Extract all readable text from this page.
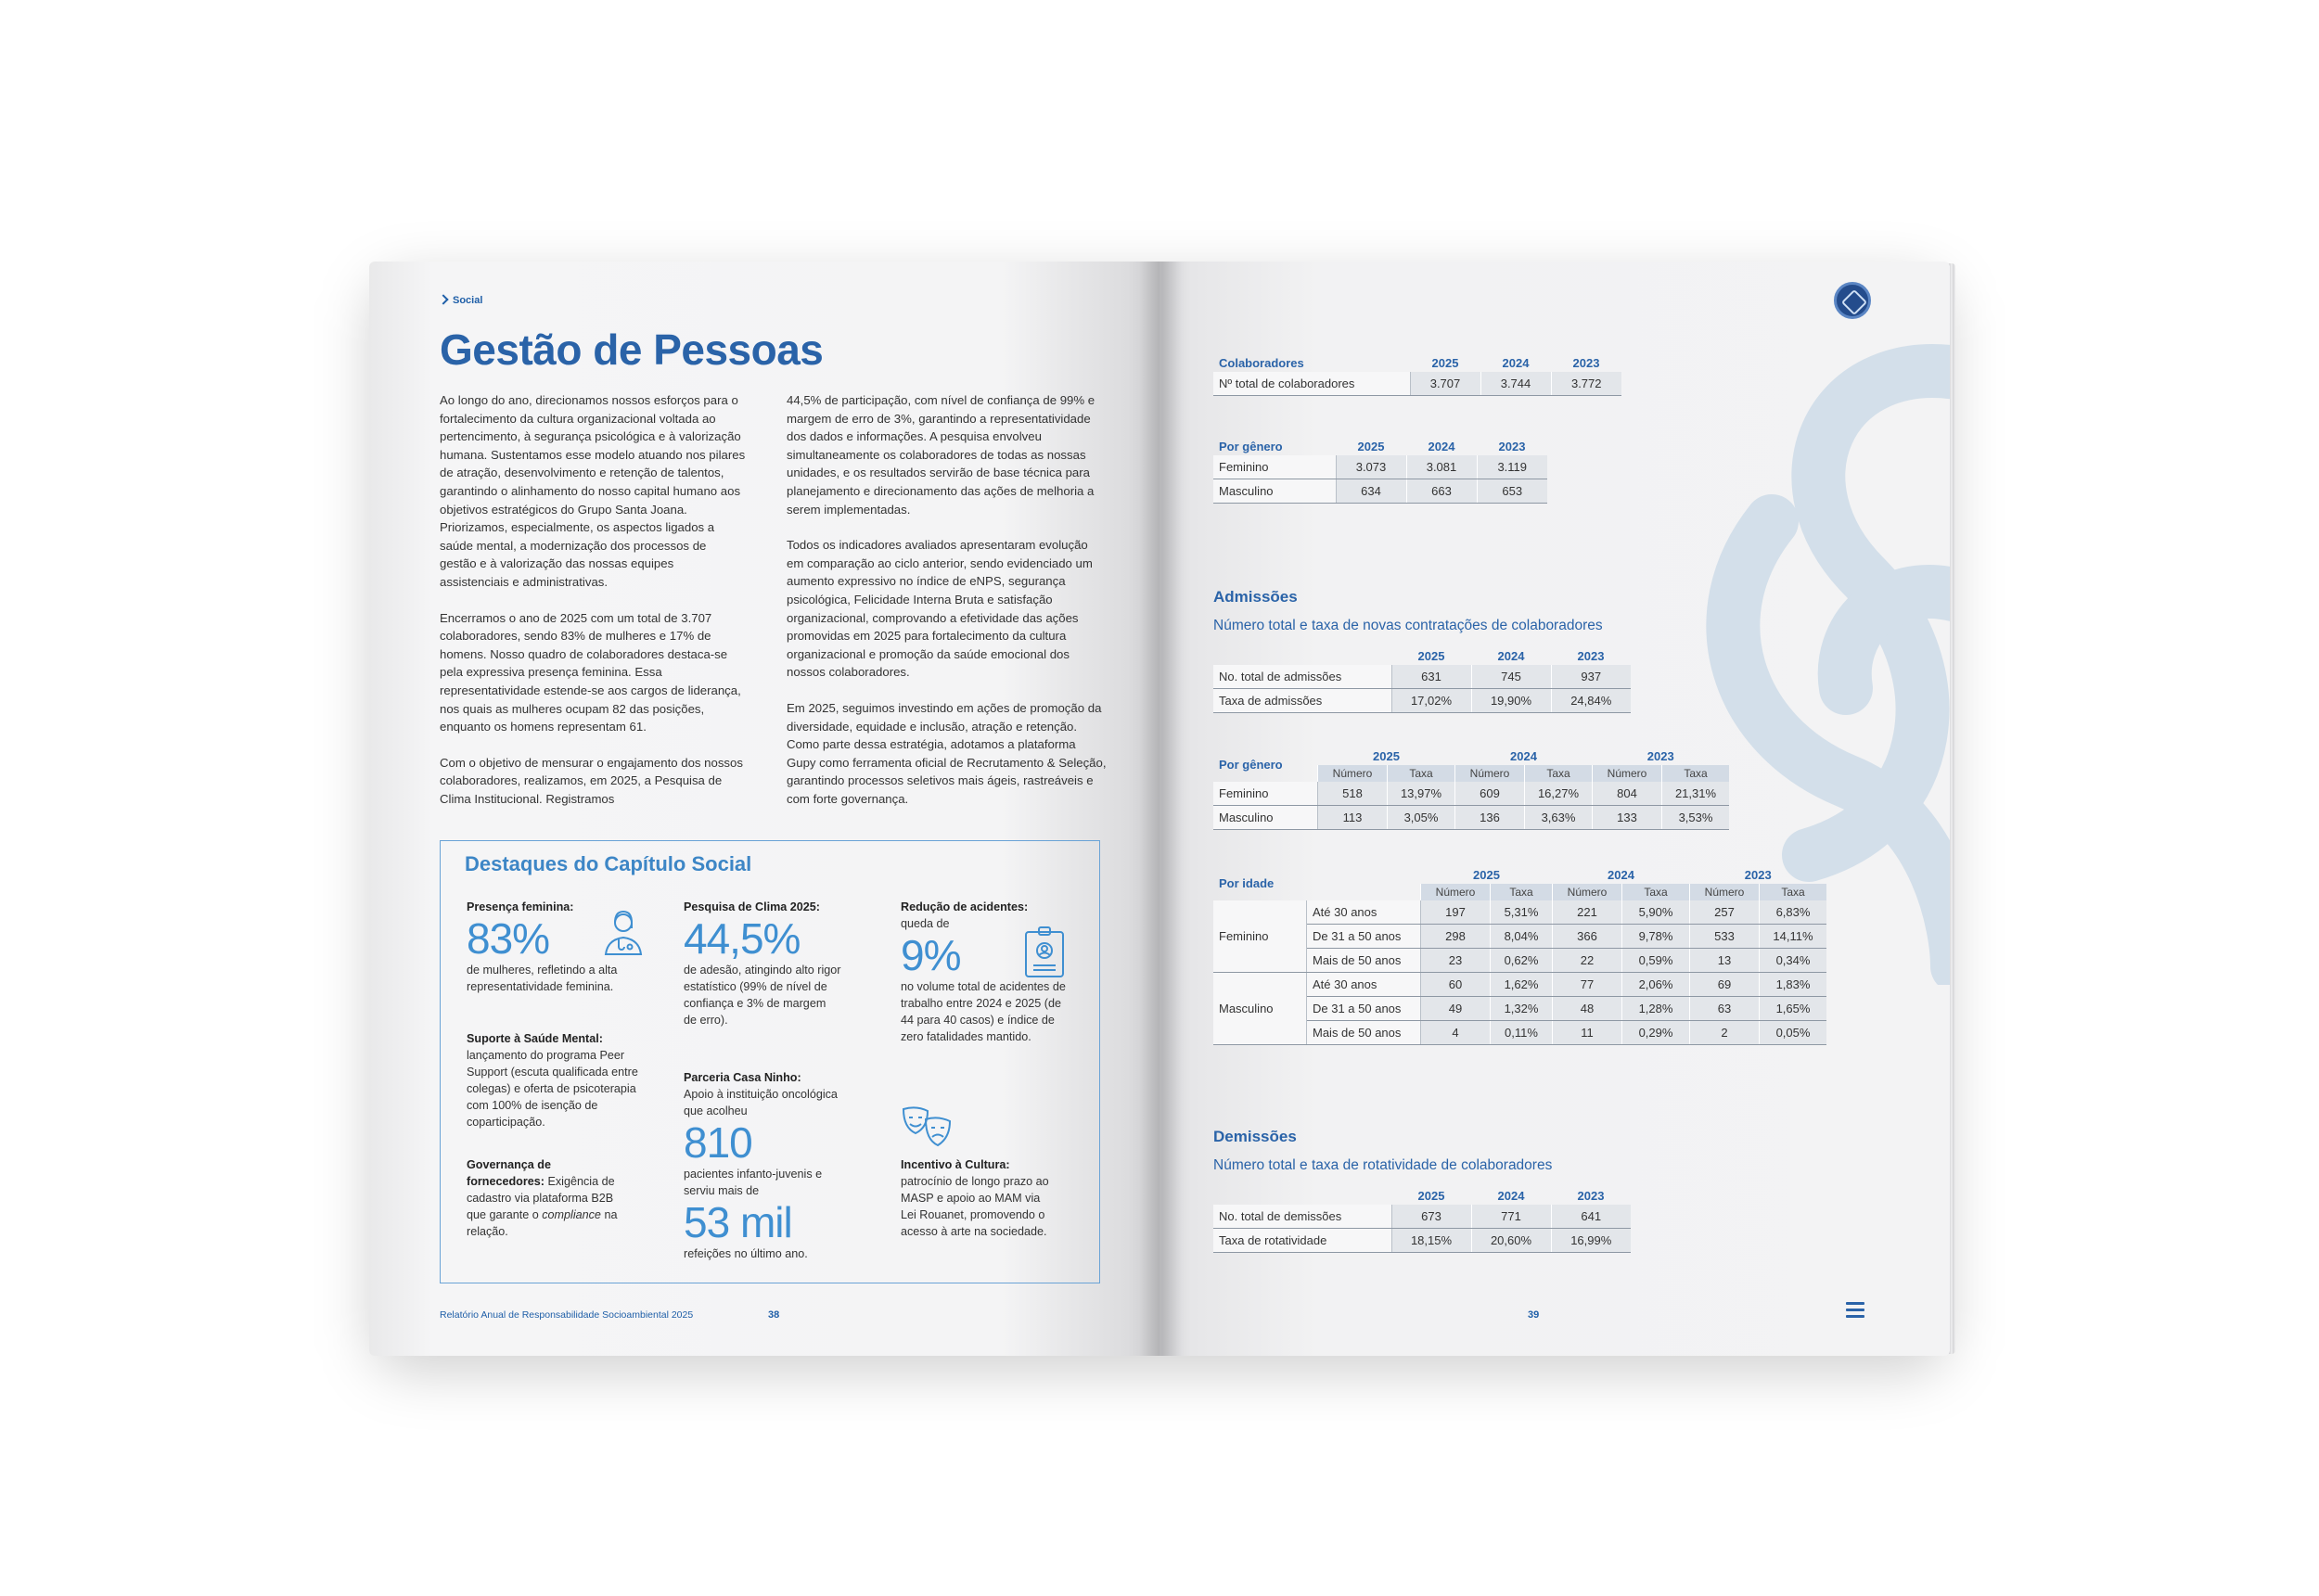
Social
Gestão de Pessoas

Ao longo do ano, direcionamos nossos esforços para o fortalecimento da cultura organizacional voltada ao pertencimento, à segurança psicológica e à valorização humana. Sustentamos esse modelo atuando nos pilares de atração, desenvolvimento e retenção de talentos, garantindo o alinhamento do nosso capital humano aos objetivos estratégicos do Grupo Santa Joana. Priorizamos, especialmente, os aspectos ligados a saúde mental, a modernização dos processos de gestão e à valorização das nossas equipes assistenciais e administrativas.

Encerramos o ano de 2025 com um total de 3.707 colaboradores, sendo 83% de mulheres e 17% de homens. Nosso quadro de colaboradores destaca-se pela expressiva presença feminina. Essa representatividade estende-se aos cargos de liderança, nos quais as mulheres ocupam 82 das posições, enquanto os homens representam 61.

Com o objetivo de mensurar o engajamento dos nossos colaboradores, realizamos, em 2025, a Pesquisa de Clima Institucional. Registramos

44,5% de participação, com nível de confiança de 99% e margem de erro de 3%, garantindo a representatividade dos dados e informações. A pesquisa envolveu simultaneamente os colaboradores de todas as nossas unidades, e os resultados servirão de base técnica para planejamento e direcionamento das ações de melhoria a serem implementadas.

Todos os indicadores avaliados apresentaram evolução em comparação ao ciclo anterior, sendo evidenciado um aumento expressivo no índice de eNPS, segurança psicológica, Felicidade Interna Bruta e satisfação organizacional, comprovando a efetividade das ações promovidas em 2025 para fortalecimento da cultura organizacional e promoção da saúde emocional dos nossos colaboradores.

Em 2025, seguimos investindo em ações de promoção da diversidade, equidade e inclusão, atração e retenção. Como parte dessa estratégia, adotamos a plataforma Gupy como ferramenta oficial de Recrutamento & Seleção, garantindo processos seletivos mais ágeis, rastreáveis e com forte governança.

Destaques do Capítulo Social
Presença feminina:
83%
de mulheres, refletindo a alta representatividade feminina.
Suporte à Saúde Mental:
lançamento do programa Peer Support (escuta qualificada entre colegas) e oferta de psicoterapia com 100% de isenção de coparticipação.
Governança de fornecedores: Exigência de cadastro via plataforma B2B que garante o compliance na relação.
Pesquisa de Clima 2025:
44,5%
de adesão, atingindo alto rigor estatístico (99% de nível de confiança e 3% de margem de erro).
Parceria Casa Ninho:
Apoio à instituição oncológica que acolheu
810
pacientes infanto-juvenis e serviu mais de
53 mil
refeições no último ano.
Redução de acidentes:
queda de
9%
no volume total de acidentes de trabalho entre 2024 e 2025 (de 44 para 40 casos) e índice de zero fatalidades mantido.
Incentivo à Cultura:
patrocínio de longo prazo ao MASP e apoio ao MAM via Lei Rouanet, promovendo o acesso à arte na sociedade.
Relatório Anual de Responsabilidade Socioambiental 2025	38
Colaboradores	2025	2024	2023
Nº total de colaboradores	3.707	3.744	3.772
Por gênero	2025	2024	2023
Feminino	3.073	3.081	3.119
Masculino	634	663	653
Admissões
Número total e taxa de novas contratações de colaboradores
	2025	2024	2023
No. total de admissões	631	745	937
Taxa de admissões	17,02%	19,90%	24,84%
Por gênero	2025		2024		2023	
	Número	Taxa	Número	Taxa	Número	Taxa
Feminino	518	13,97%	609	16,27%	804	21,31%
Masculino	113	3,05%	136	3,63%	133	3,53%
Por idade		2025		2024		2023	
		Número	Taxa	Número	Taxa	Número	Taxa
Feminino	Até 30 anos	197	5,31%	221	5,90%	257	6,83%
	De 31 a 50 anos	298	8,04%	366	9,78%	533	14,11%
	Mais de 50 anos	23	0,62%	22	0,59%	13	0,34%
Masculino	Até 30 anos	60	1,62%	77	2,06%	69	1,83%
	De 31 a 50 anos	49	1,32%	48	1,28%	63	1,65%
	Mais de 50 anos	4	0,11%	11	0,29%	2	0,05%
Demissões
Número total e taxa de rotatividade de colaboradores
	2025	2024	2023
No. total de demissões	673	771	641
Taxa de rotatividade	18,15%	20,60%	16,99%
39
